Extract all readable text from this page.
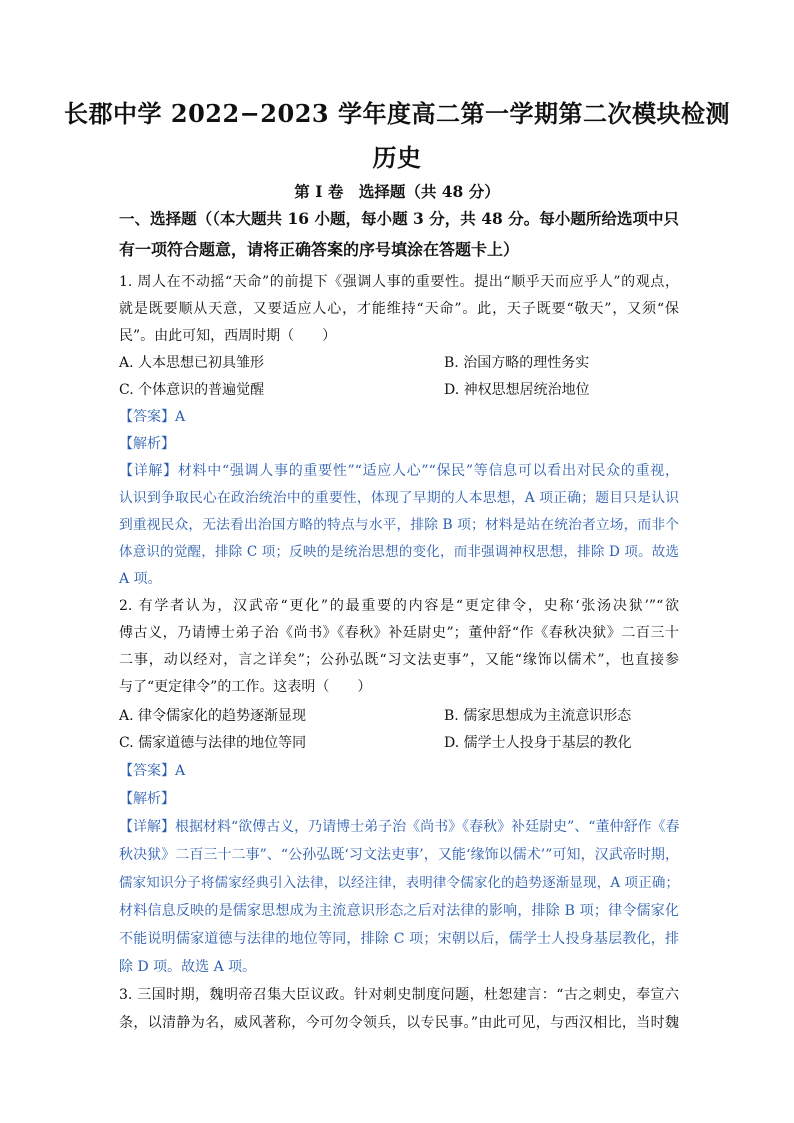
长郡中学 2022−2023 学年度高二第一学期第二次模块检测
历史
第 I 卷　选择题（共 48 分）
一、选择题（（本大题共 16 小题，每小题 3 分，共 48 分。每小题所给选项中只
有一项符合题意，请将正确答案的序号填涂在答题卡上）
1. 周人在不动摇“天命”的前提下《强调人事的重要性。提出“顺乎天而应乎人”的观点，
就是既要顺从天意，又要适应人心，才能维持“天命”。此，天子既要“敬天”，又须“保
民”。由此可知，西周时期（　　）
A. 人本思想已初具雏形	B. 治国方略的理性务实
C. 个体意识的普遍觉醒	D. 神权思想居统治地位
【答案】A
【解析】
【详解】材料中“强调人事的重要性”“适应人心”“保民”等信息可以看出对民众的重视，
认识到争取民心在政治统治中的重要性，体现了早期的人本思想，A 项正确；题目只是认识
到重视民众，无法看出治国方略的特点与水平，排除 B 项；材料是站在统治者立场，而非个
体意识的觉醒，排除 C 项；反映的是统治思想的变化，而非强调神权思想，排除 D 项。故选
A 项。
2. 有学者认为，汉武帝“更化”的最重要的内容是“更定律令，史称‘张汤决狱’”“欲
傅古义，乃请博士弟子治《尚书》《春秋》补廷尉史”；董仲舒“作《春秋决狱》二百三十
二事，动以经对，言之详矣”；公孙弘既“习文法吏事”，又能“缘饰以儒术”，也直接参
与了“更定律令”的工作。这表明（　　）
A. 律令儒家化的趋势逐渐显现	B. 儒家思想成为主流意识形态
C. 儒家道德与法律的地位等同	D. 儒学士人投身于基层的教化
【答案】A
【解析】
【详解】根据材料“欲傅古义，乃请博士弟子治《尚书》《春秋》补廷尉史”、“董仲舒作《春
秋决狱》二百三十二事”、“公孙弘既‘习文法吏事’，又能‘缘饰以儒术’”可知，汉武帝时期，
儒家知识分子将儒家经典引入法律，以经注律，表明律令儒家化的趋势逐渐显现，A 项正确；
材料信息反映的是儒家思想成为主流意识形态之后对法律的影响，排除 B 项；律令儒家化
不能说明儒家道德与法律的地位等同，排除 C 项；宋朝以后，儒学士人投身基层教化，排
除 D 项。故选 A 项。
3. 三国时期，魏明帝召集大臣议政。针对刺史制度问题，杜恕建言：“古之刺史，奉宣六
条，以清静为名，威风著称，今可勿令领兵，以专民事。”由此可见，与西汉相比，当时魏
